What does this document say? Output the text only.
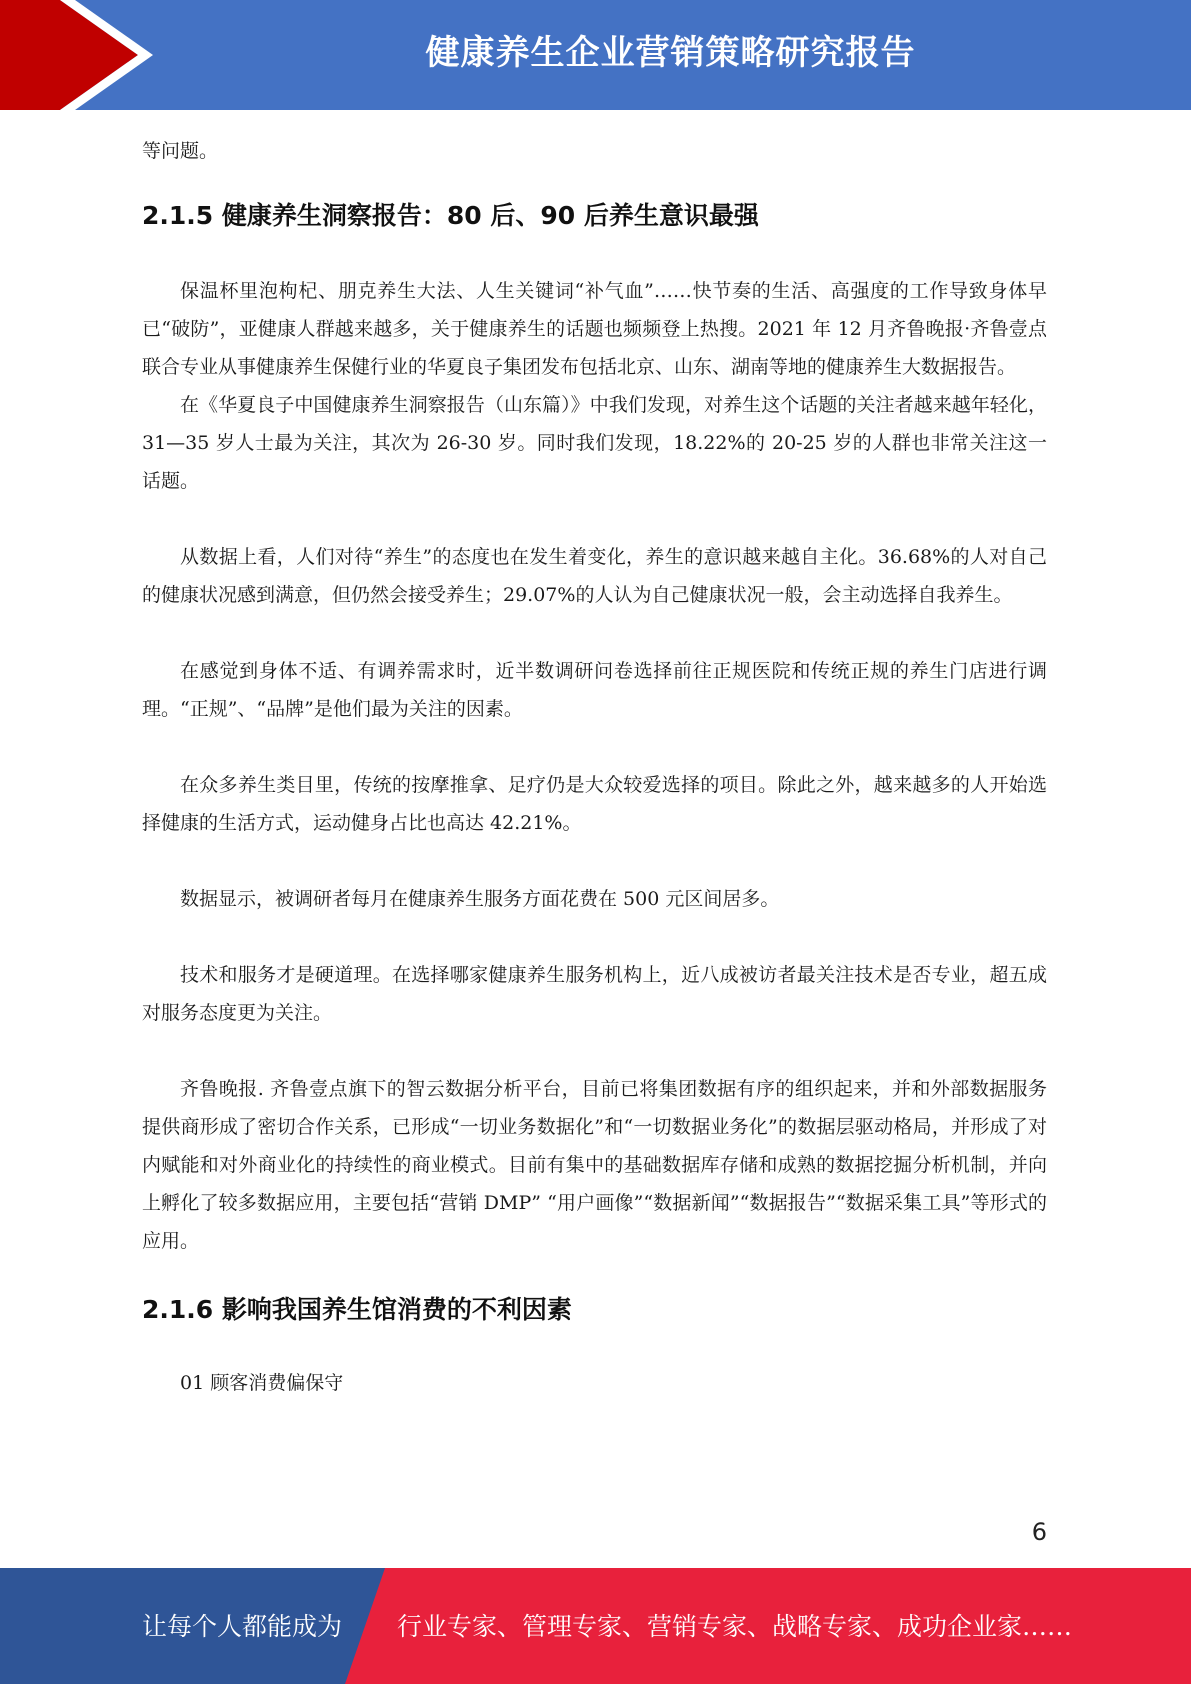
健康养生企业营销策略研究报告

等问题。

2.1.5 健康养生洞察报告：80 后、90 后养生意识最强

保温杯里泡枸杞、朋克养生大法、人生关键词“补气血”……快节奏的生活、高强度的工作导致身体早已“破防”，亚健康人群越来越多，关于健康养生的话题也频频登上热搜。2021 年 12 月齐鲁晚报·齐鲁壹点联合专业从事健康养生保健行业的华夏良子集团发布包括北京、山东、湖南等地的健康养生大数据报告。

在《华夏良子中国健康养生洞察报告（山东篇）》中我们发现，对养生这个话题的关注者越来越年轻化，31—35 岁人士最为关注，其次为 26-30 岁。同时我们发现，18.22%的 20-25 岁的人群也非常关注这一话题。

从数据上看，人们对待“养生”的态度也在发生着变化，养生的意识越来越自主化。36.68%的人对自己的健康状况感到满意，但仍然会接受养生；29.07%的人认为自己健康状况一般，会主动选择自我养生。

在感觉到身体不适、有调养需求时，近半数调研问卷选择前往正规医院和传统正规的养生门店进行调理。“正规”、“品牌”是他们最为关注的因素。

在众多养生类目里，传统的按摩推拿、足疗仍是大众较爱选择的项目。除此之外，越来越多的人开始选择健康的生活方式，运动健身占比也高达 42.21%。

数据显示，被调研者每月在健康养生服务方面花费在 500 元区间居多。

技术和服务才是硬道理。在选择哪家健康养生服务机构上，近八成被访者最关注技术是否专业，超五成对服务态度更为关注。

齐鲁晚报. 齐鲁壹点旗下的智云数据分析平台，目前已将集团数据有序的组织起来，并和外部数据服务提供商形成了密切合作关系，已形成“一切业务数据化”和“一切数据业务化”的数据层驱动格局，并形成了对内赋能和对外商业化的持续性的商业模式。目前有集中的基础数据库存储和成熟的数据挖掘分析机制，并向上孵化了较多数据应用，主要包括“营销 DMP” “用户画像”“数据新闻”“数据报告”“数据采集工具”等形式的应用。

2.1.6 影响我国养生馆消费的不利因素

01 顾客消费偏保守

6
让每个人都能成为 行业专家、管理专家、营销专家、战略专家、成功企业家……
